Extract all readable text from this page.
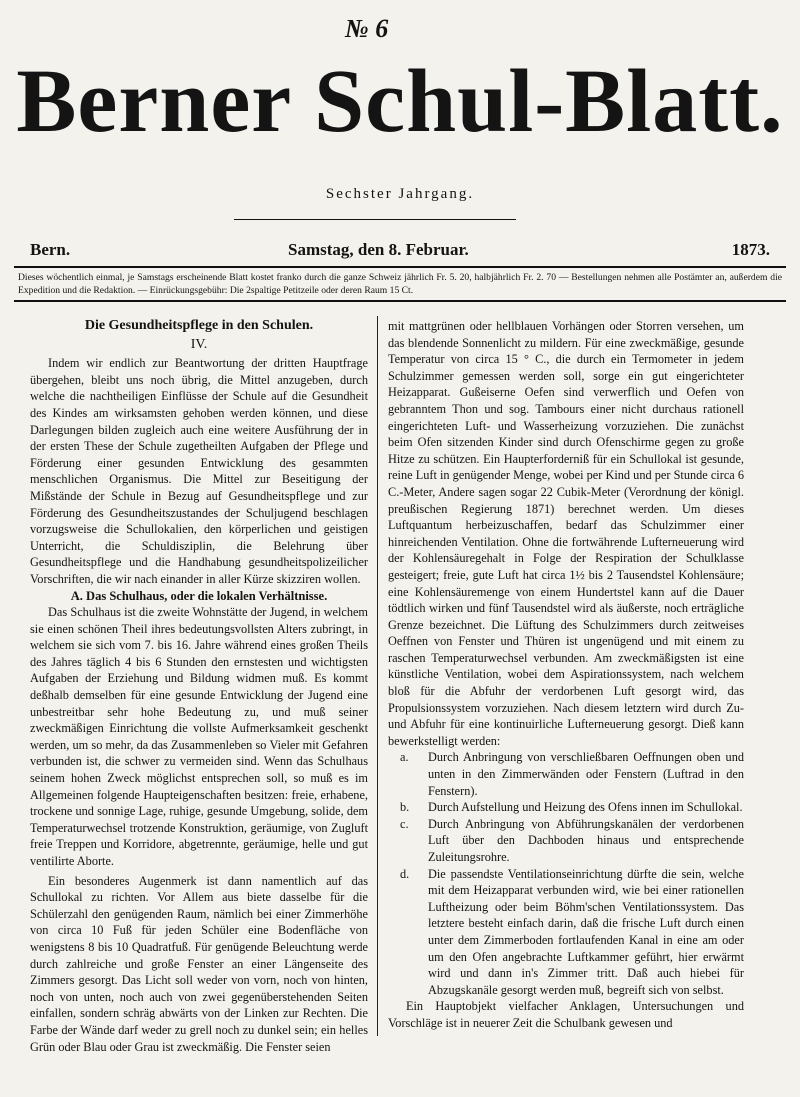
№ 6
Berner Schul-Blatt.
Sechster Jahrgang.
Bern.	Samstag, den 8. Februar.	1873.
Dieses wöchentlich einmal, je Samstags erscheinende Blatt kostet franko durch die ganze Schweiz jährlich Fr. 5. 20, halbjährlich Fr. 2. 70 — Bestellungen nehmen alle Postämter an, außerdem die Expedition und die Redaktion. — Einrückungsgebühr: Die 2spaltige Petitzeile oder deren Raum 15 Ct.
Die Gesundheitspflege in den Schulen.
IV.

Indem wir endlich zur Beantwortung der dritten Hauptfrage übergehen, bleibt uns noch übrig, die Mittel anzugeben, durch welche die nachtheiligen Einflüsse der Schule auf die Gesundheit des Kindes am wirksamsten gehoben werden können, und diese Darlegungen bilden zugleich auch eine weitere Ausführung der in der ersten These der Schule zugetheilten Aufgaben der Pflege und Förderung einer gesunden Entwicklung des gesammten menschlichen Organismus. Die Mittel zur Beseitigung der Mißstände der Schule in Bezug auf Gesundheitspflege und zur Förderung des Gesundheitszustandes der Schuljugend beschlagen vorzugsweise die Schullokalien, den körperlichen und geistigen Unterricht, die Schuldisziplin, die Belehrung über Gesundheitspflege und die Handhabung gesundheitspolizeilicher Vorschriften, die wir nach einander in aller Kürze skizziren wollen.

A. Das Schulhaus, oder die lokalen Verhältnisse.

Das Schulhaus ist die zweite Wohnstätte der Jugend, in welchem sie einen schönen Theil ihres bedeutungsvollsten Alters zubringt, in welchem sie sich vom 7. bis 16. Jahre während eines großen Theils des Jahres täglich 4 bis 6 Stunden den ernstesten und wichtigsten Aufgaben der Erziehung und Bildung widmen muß. Es kommt deßhalb demselben für eine gesunde Entwicklung der Jugend eine unbestreitbar sehr hohe Bedeutung zu, und muß seiner zweckmäßigen Einrichtung die vollste Aufmerksamkeit geschenkt werden, um so mehr, da das Zusammenleben so Vieler mit Gefahren verbunden ist, die schwer zu vermeiden sind. Wenn das Schulhaus seinem hohen Zweck möglichst entsprechen soll, so muß es im Allgemeinen folgende Haupteigenschaften besitzen: freie, erhabene, trockene und sonnige Lage, ruhige, gesunde Umgebung, solide, dem Temperaturwechsel trotzende Konstruktion, geräumige, von Zugluft freie Treppen und Korridore, abgetrennte, geräumige, helle und gut ventilirte Aborte.

Ein besonderes Augenmerk ist dann namentlich auf das Schullokal zu richten. Vor Allem aus biete dasselbe für die Schülerzahl den genügenden Raum, nämlich bei einer Zimmerhöhe von circa 10 Fuß für jeden Schüler eine Bodenfläche von wenigstens 8 bis 10 Quadratfuß. Für genügende Beleuchtung werde durch zahlreiche und große Fenster an einer Längenseite des Zimmers gesorgt. Das Licht soll weder von vorn, noch von hinten, noch von unten, noch auch von zwei gegenüberstehenden Seiten einfallen, sondern schräg abwärts von der Linken zur Rechten. Die Farbe der Wände darf weder zu grell noch zu dunkel sein; ein helles Grün oder Blau oder Grau ist zweckmäßig. Die Fenster seien

mit mattgrünen oder hellblauen Vorhängen oder Storren versehen, um das blendende Sonnenlicht zu mildern. Für eine zweckmäßige, gesunde Temperatur von circa 15 ° C., die durch ein Termometer in jedem Schulzimmer gemessen werden soll, sorge ein gut eingerichteter Heizapparat. Gußeiserne Oefen sind verwerflich und Oefen von gebranntem Thon und sog. Tambours einer nicht durchaus rationell eingerichteten Luft- und Wasserheizung vorzuziehen. Die zunächst beim Ofen sitzenden Kinder sind durch Ofenschirme gegen zu große Hitze zu schützen. Ein Haupterforderniß für ein Schullokal ist gesunde, reine Luft in genügender Menge, wobei per Kind und per Stunde circa 6 C.-Meter, Andere sagen sogar 22 Cubik-Meter (Verordnung der königl. preußischen Regierung 1871) berechnet werden. Um dieses Luftquantum herbeizuschaffen, bedarf das Schulzimmer einer hinreichenden Ventilation. Ohne die fortwährende Lufterneuerung wird der Kohlensäuregehalt in Folge der Respiration der Schulklasse gesteigert; freie, gute Luft hat circa 1½ bis 2 Tausendstel Kohlensäure; eine Kohlensäuremenge von einem Hundertstel kann auf die Dauer tödtlich wirken und fünf Tausendstel wird als äußerste, noch erträgliche Grenze bezeichnet. Die Lüftung des Schulzimmers durch zeitweises Oeffnen von Fenster und Thüren ist ungenügend und mit einem zu raschen Temperaturwechsel verbunden. Am zweckmäßigsten ist eine künstliche Ventilation, wobei dem Aspirationssystem, nach welchem bloß für die Abfuhr der verdorbenen Luft gesorgt wird, das Propulsionssystem vorzuziehen. Nach diesem letztern wird durch Zu- und Abfuhr für eine kontinuirliche Lufterneuerung gesorgt. Dieß kann bewerkstelligt werden:

a.	Durch Anbringung von verschließbaren Oeffnungen oben und unten in den Zimmerwänden oder Fenstern (Luftrad in den Fenstern).
b.	Durch Aufstellung und Heizung des Ofens innen im Schullokal.
c.	Durch Anbringung von Abführungskanälen der verdorbenen Luft über den Dachboden hinaus und entsprechende Zuleitungsrohre.
d.	Die passendste Ventilationseinrichtung dürfte die sein, welche mit dem Heizapparat verbunden wird, wie bei einer rationellen Luftheizung oder beim Böhm'schen Ventilationssystem. Das letztere besteht einfach darin, daß die frische Luft durch einen unter dem Zimmerboden fortlaufenden Kanal in eine am oder um den Ofen angebrachte Luftkammer geführt, hier erwärmt wird und dann in's Zimmer tritt. Daß auch hiebei für Abzugskanäle gesorgt werden muß, begreift sich von selbst.

Ein Hauptobjekt vielfacher Anklagen, Untersuchungen und Vorschläge ist in neuerer Zeit die Schulbank gewesen und
